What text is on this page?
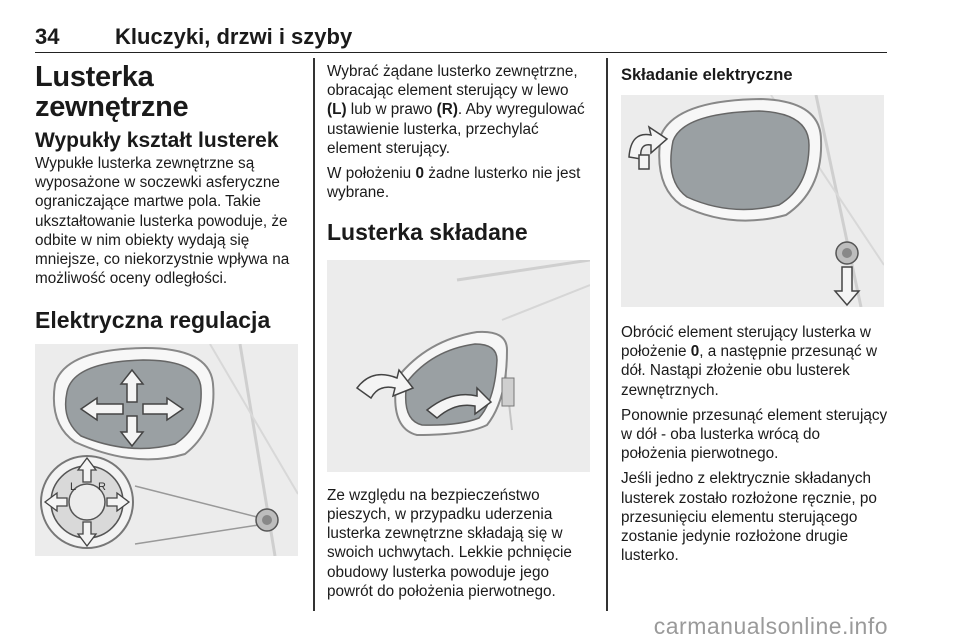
34	Kluczyki, drzwi i szyby
Lusterka zewnętrzne
Wypukły kształt lusterek

Wypukłe lusterka zewnętrzne są wyposażone w soczewki asferyczne ograniczające martwe pola. Takie ukształtowanie lusterka powoduje, że odbite w nim obiekty wydają się mniejsze, co niekorzystnie wpływa na możliwość oceny odległości.

Elektryczna regulacja
L R

Wybrać żądane lusterko zewnętrzne, obracając element sterujący w lewo (L) lub w prawo (R). Aby wyregulować ustawienie lusterka, przechylać element sterujący.

W położeniu 0 żadne lusterko nie jest wybrane.

Lusterka składane

Ze względu na bezpieczeństwo pieszych, w przypadku uderzenia lusterka zewnętrzne składają się w swoich uchwytach. Lekkie pchnięcie obudowy lusterka powoduje jego powrót do położenia pierwotnego.

Składanie elektryczne

Obrócić element sterujący lusterka w położenie 0, a następnie przesunąć w dół. Nastąpi złożenie obu lusterek zewnętrznych.

Ponownie przesunąć element sterujący w dół - oba lusterka wrócą do położenia pierwotnego.

Jeśli jedno z elektrycznie składanych lusterek zostało rozłożone ręcznie, po przesunięciu elementu sterującego zostanie jedynie rozłożone drugie lusterko.

carmanualsonline.info
